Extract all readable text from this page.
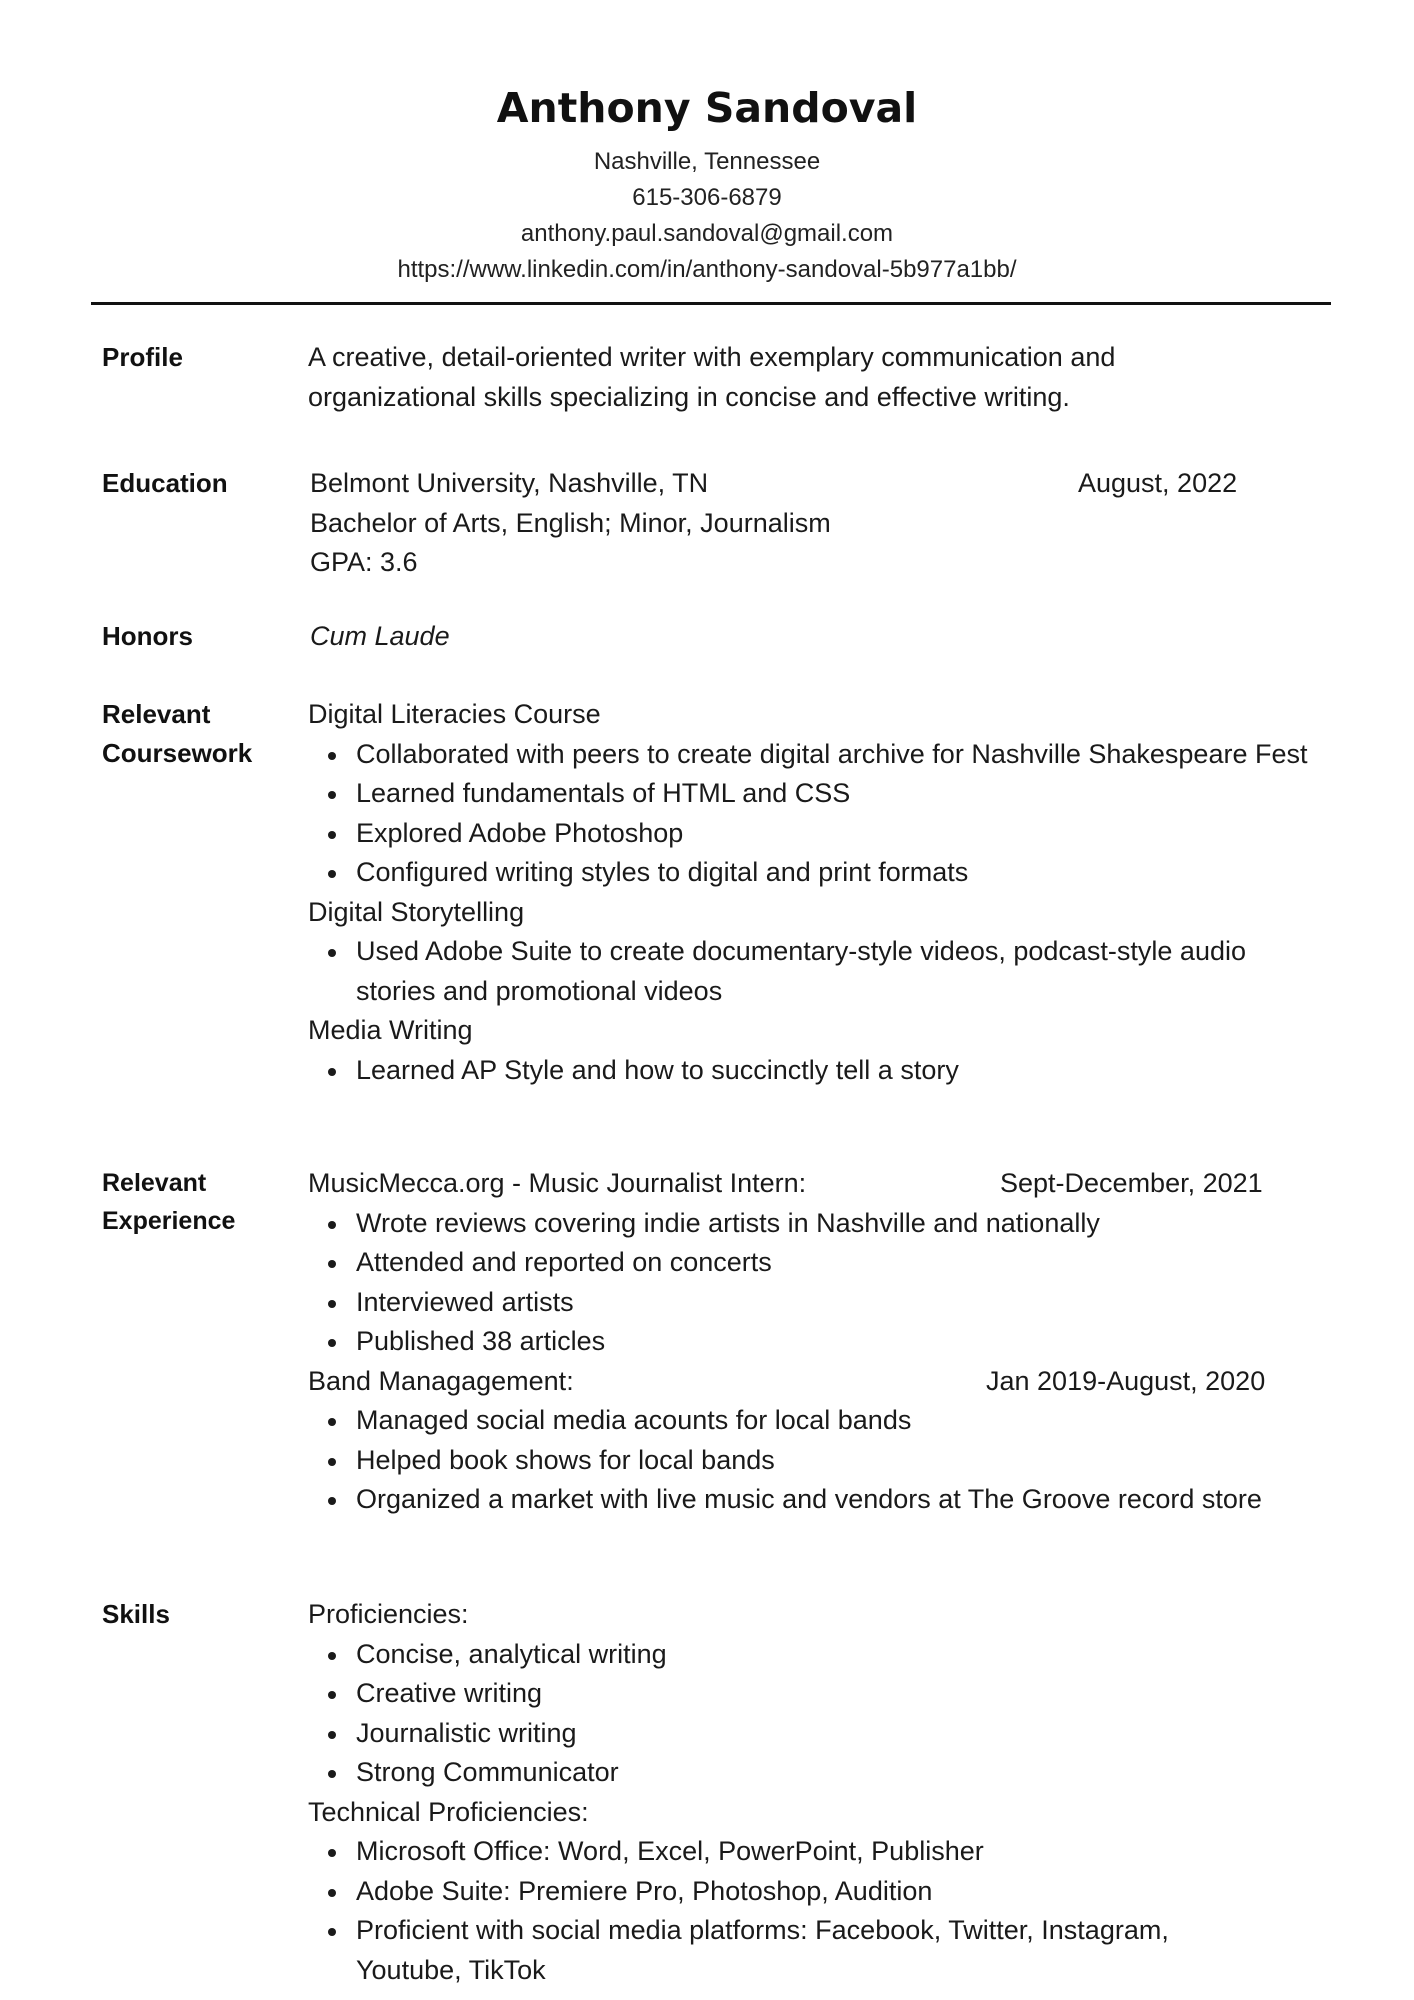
Anthony Sandoval
Nashville, Tennessee
615-306-6879
anthony.paul.sandoval@gmail.com
https://www.linkedin.com/in/anthony-sandoval-5b977a1bb/
Profile	A creative, detail-oriented writer with exemplary communication and
organizational skills specializing in concise and effective writing.
Education	Belmont University, Nashville, TN	August, 2022
Bachelor of Arts, English; Minor, Journalism
GPA: 3.6
Honors	Cum Laude
Relevant
Coursework
Digital Literacies Course
Collaborated with peers to create digital archive for Nashville Shakespeare Fest
Learned fundamentals of HTML and CSS
Explored Adobe Photoshop
Configured writing styles to digital and print formats
Digital Storytelling
Used Adobe Suite to create documentary-style videos, podcast-style audio stories and promotional videos
Media Writing
Learned AP Style and how to succinctly tell a story
Relevant
Experience
MusicMecca.org - Music Journalist Intern:	Sept-December, 2021
Wrote reviews covering indie artists in Nashville and nationally
Attended and reported on concerts
Interviewed artists
Published 38 articles
Band Managagement:	Jan 2019-August, 2020
Managed social media acounts for local bands
Helped book shows for local bands
Organized a market with live music and vendors at The Groove record store
Skills	Proficiencies:
Concise, analytical writing
Creative writing
Journalistic writing
Strong Communicator
Technical Proficiencies:
Microsoft Office: Word, Excel, PowerPoint, Publisher
Adobe Suite: Premiere Pro, Photoshop, Audition
Proficient with social media platforms: Facebook, Twitter, Instagram, Youtube, TikTok
